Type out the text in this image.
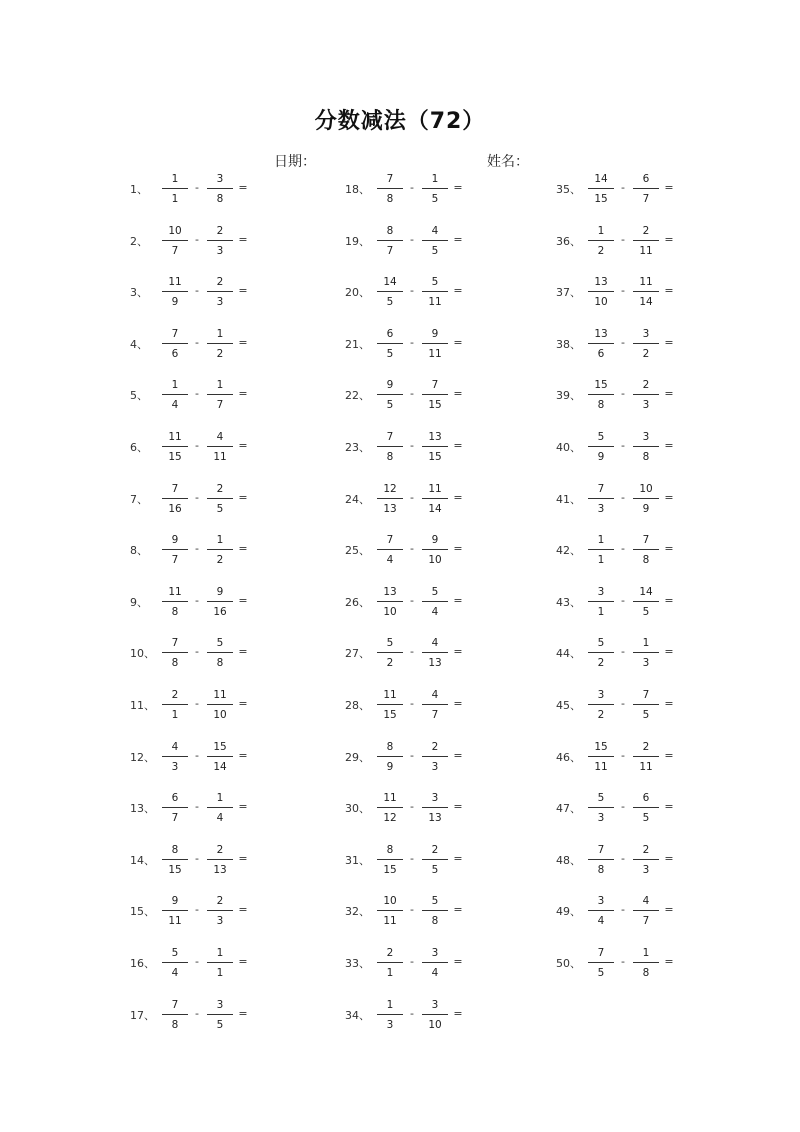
分数减法（72）
日期：	姓名：
1、
1
1
-
3
8
=
2、
10
7
-
2
3
=
3、
11
9
-
2
3
=
4、
7
6
-
1
2
=
5、
1
4
-
1
7
=
6、
11
15
-
4
11
=
7、
7
16
-
2
5
=
8、
9
7
-
1
2
=
9、
11
8
-
9
16
=
10、
7
8
-
5
8
=
11、
2
1
-
11
10
=
12、
4
3
-
15
14
=
13、
6
7
-
1
4
=
14、
8
15
-
2
13
=
15、
9
11
-
2
3
=
16、
5
4
-
1
1
=
17、
7
8
-
3
5
=
18、
7
8
-
1
5
=
19、
8
7
-
4
5
=
20、
14
5
-
5
11
=
21、
6
5
-
9
11
=
22、
9
5
-
7
15
=
23、
7
8
-
13
15
=
24、
12
13
-
11
14
=
25、
7
4
-
9
10
=
26、
13
10
-
5
4
=
27、
5
2
-
4
13
=
28、
11
15
-
4
7
=
29、
8
9
-
2
3
=
30、
11
12
-
3
13
=
31、
8
15
-
2
5
=
32、
10
11
-
5
8
=
33、
2
1
-
3
4
=
34、
1
3
-
3
10
=
35、
14
15
-
6
7
=
36、
1
2
-
2
11
=
37、
13
10
-
11
14
=
38、
13
6
-
3
2
=
39、
15
8
-
2
3
=
40、
5
9
-
3
8
=
41、
7
3
-
10
9
=
42、
1
1
-
7
8
=
43、
3
1
-
14
5
=
44、
5
2
-
1
3
=
45、
3
2
-
7
5
=
46、
15
11
-
2
11
=
47、
5
3
-
6
5
=
48、
7
8
-
2
3
=
49、
3
4
-
4
7
=
50、
7
5
-
1
8
=
